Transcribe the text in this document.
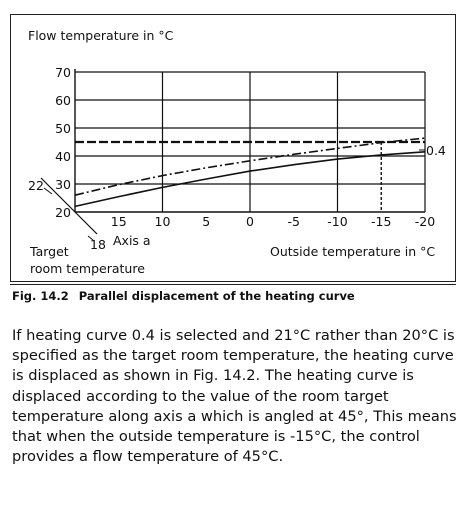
20
30
40
50
60
70
15 10	5	0	-5 -10 -15 -20
Flow temperature in °C
Outside temperature in °C
Axis a
18
22
Target room temperature
0.4
Fig. 14.2 Parallel displacement of the heating curve

If heating curve 0.4 is selected and 21°C rather than 20°C is specified as the target room temperature, the heating curve is displaced as shown in Fig. 14.2. The heating curve is displaced according to the value of the room target temperature along axis a which is angled at 45°, This means that when the outside temperature is -15°C, the control provides a flow temperature of 45°C.
